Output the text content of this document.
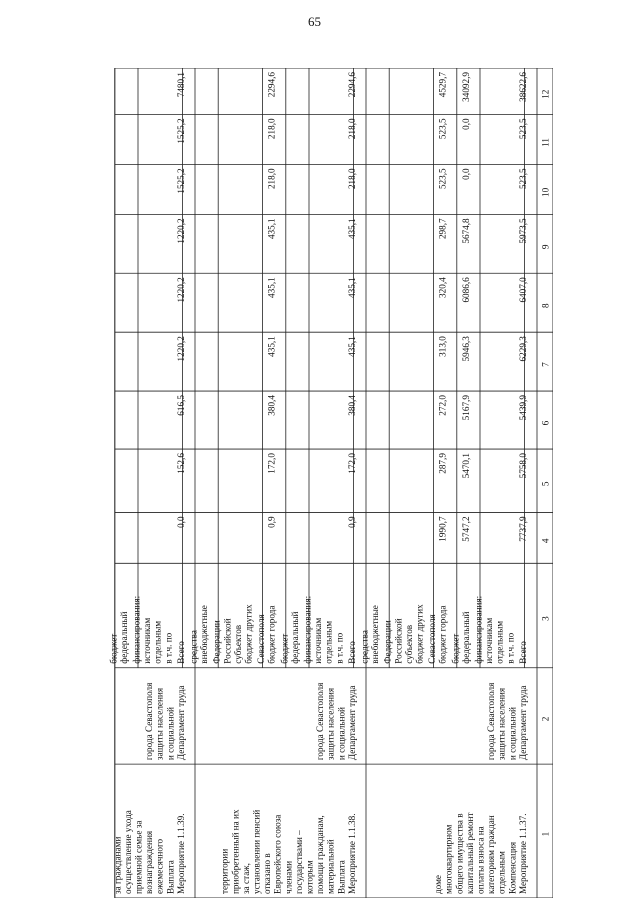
65
1
2
3
4
5
6
7
8
9
10
11
12
Мероприятие 1.1.37.
Компенсация
отдельным
категориям граждан
оплаты взноса на
капитальный ремонт
общего имущества в
многоквартирном
доме
Департамент труда
и социальной
защиты населения
города Севастополя
Всего
7737,9
5758,0
5439,9
6229,3
6407,0
5973,5
523,5
523,5
38622,6
в т.ч. по
отдельным
источникам
финансирования:
федеральный
бюджет
5747,2
5470,1
5167,9
5946,3
6086,6
5674,8
0,0
0,0
34092,9
бюджет города
Севастополя
1990,7
287,9
272,0
313,0
320,4
298,7
523,5
523,5
4529,7
бюджет других
субъектов
Российской
Федерации
внебюджетные
средства
Мероприятие 1.1.38.
Выплата
материальной
помощи гражданам,
которым
государствами –
членами
Европейского союза
отказано в
установлении пенсий
за стаж,
приобретенный на их
территории
Департамент труда
и социальной
защиты населения
города Севастополя
Всего
0,9
172,0
380,4
435,1
435,1
435,1
218,0
218,0
2294,6
в т.ч. по
отдельным
источникам
финансирования:
федеральный
бюджет
бюджет города
Севастополя
0,9
172,0
380,4
435,1
435,1
435,1
218,0
218,0
2294,6
бюджет других
субъектов
Российской
Федерации
внебюджетные
средства
Мероприятие 1.1.39.
Выплата
ежемесячного
вознаграждения
приемной семье за
осуществление ухода
за гражданами
Департамент труда
и социальной
защиты населения
города Севастополя
Всего
0,0
152,6
616,5
1220,2
1220,2
1220,2
1525,2
1525,2
7480,1
в т.ч. по
отдельным
источникам
финансирования:
федеральный
бюджет
